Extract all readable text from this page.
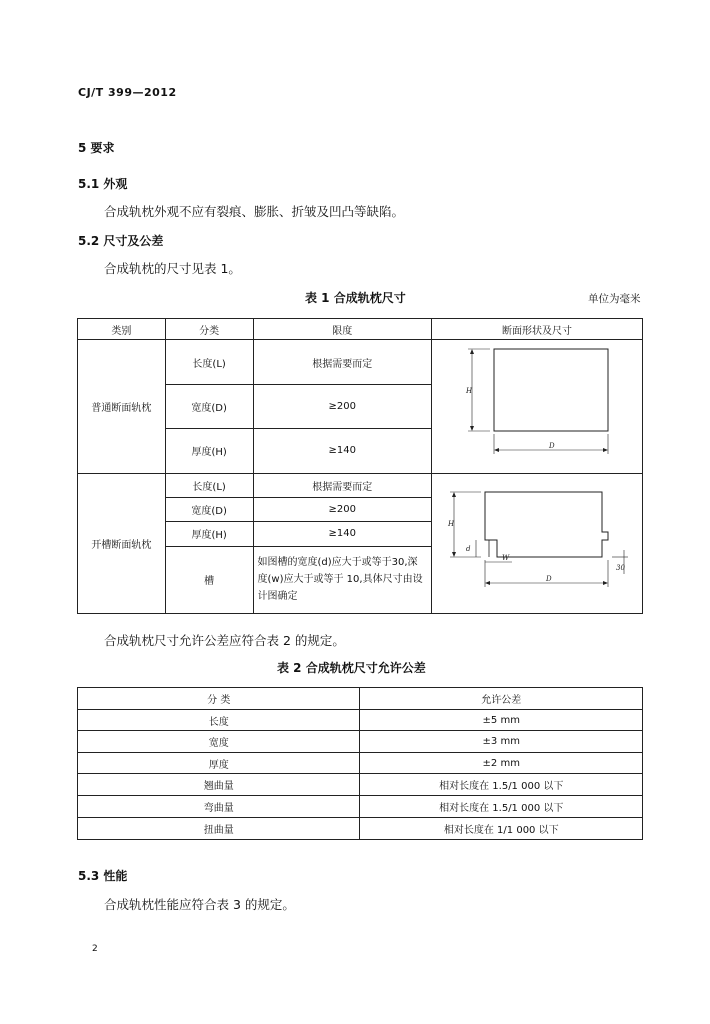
CJ/T 399—2012
5 要求
5.1 外观
合成轨枕外观不应有裂痕、膨胀、折皱及凹凸等缺陷。
5.2 尺寸及公差
合成轨枕的尺寸见表 1。
表 1 合成轨枕尺寸	单位为毫米
类别	分类	限度	断面形状及尺寸
普通断面轨枕	长度(L)	根据需要而定	H
D

	宽度(D)	≥200	
	厚度(H)	≥140	
开槽断面轨枕	长度(L)	根据需要而定	H
d
W
D
30

	宽度(D)	≥200	
	厚度(H)	≥140	
	槽	如图槽的宽度(d)应大于或等于30,深度(w)应大于或等于 10,具体尺寸由设计图确定	
合成轨枕尺寸允许公差应符合表 2 的规定。
表 2 合成轨枕尺寸允许公差
分 类	允许公差
长度	±5 mm
宽度	±3 mm
厚度	±2 mm
翘曲量	相对长度在 1.5/1 000 以下
弯曲量	相对长度在 1.5/1 000 以下
扭曲量	相对长度在 1/1 000 以下
5.3 性能
合成轨枕性能应符合表 3 的规定。
2
